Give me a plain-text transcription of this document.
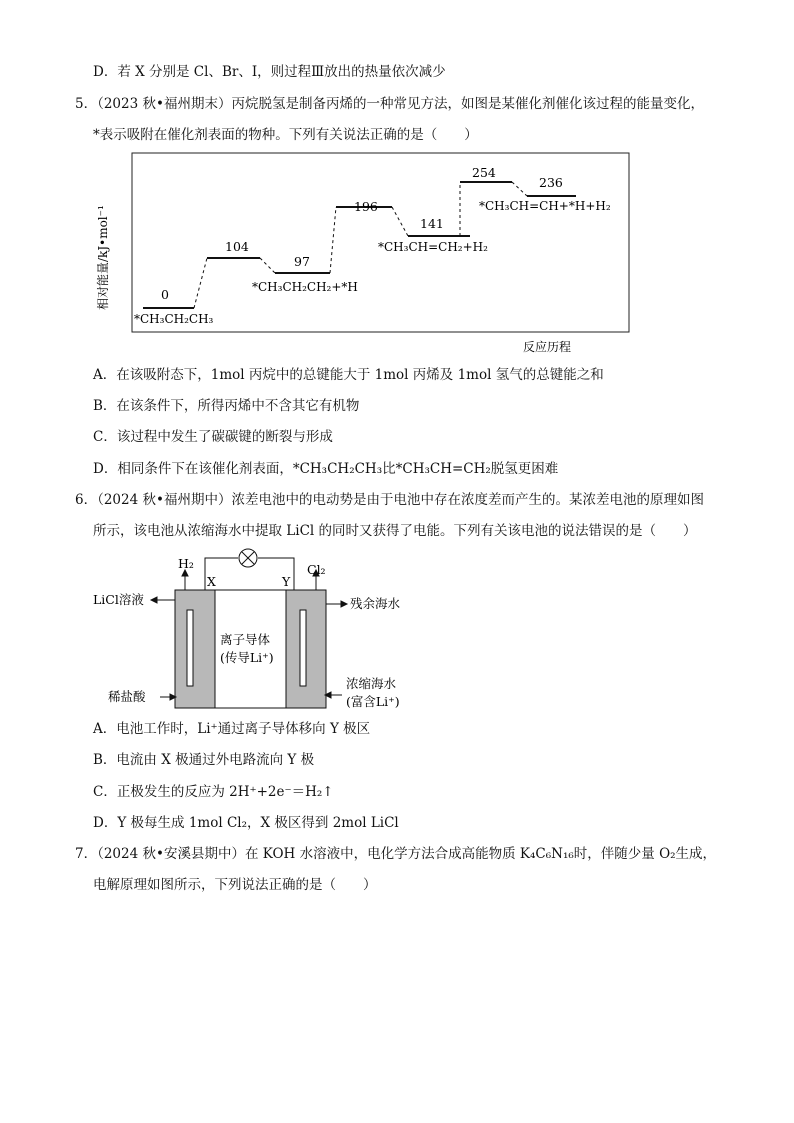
D．若 X 分别是 Cl、Br、I，则过程Ⅲ放出的热量依次减少
5．（2023 秋•福州期末）丙烷脱氢是制备丙烯的一种常见方法，如图是某催化剂催化该过程的能量变化，
*表示吸附在催化剂表面的物种。下列有关说法正确的是（　　）
相对能量/kJ•mol⁻¹
反应历程
0
104
97
196
141
254
236
*CH₃CH₂CH₃
*CH₃CH₂CH₂+*H
*CH₃CH=CH₂+H₂
*CH₃CH=CH+*H+H₂
A．在该吸附态下，1mol 丙烷中的总键能大于 1mol 丙烯及 1mol 氢气的总键能之和
B．在该条件下，所得丙烯中不含其它有机物
C．该过程中发生了碳碳键的断裂与形成
D．相同条件下在该催化剂表面，*CH₃CH₂CH₃比*CH₃CH=CH₂脱氢更困难
6．（2024 秋•福州期中）浓差电池中的电动势是由于电池中存在浓度差而产生的。某浓差电池的原理如图
所示，该电池从浓缩海水中提取 LiCl 的同时又获得了电能。下列有关该电池的说法错误的是（　　）
H₂	Cl₂
X	Y
LiCl溶液	残余海水
离子导体
(传导Li⁺)
稀盐酸
浓缩海水
(富含Li⁺)
A．电池工作时，Li⁺通过离子导体移向 Y 极区
B．电流由 X 极通过外电路流向 Y 极
C．正极发生的反应为 2H⁺+2e⁻＝H₂↑
D．Y 极每生成 1mol Cl₂，X 极区得到 2mol LiCl
7．（2024 秋•安溪县期中）在 KOH 水溶液中，电化学方法合成高能物质 K₄C₆N₁₆时，伴随少量 O₂生成，
电解原理如图所示，下列说法正确的是（　　）
